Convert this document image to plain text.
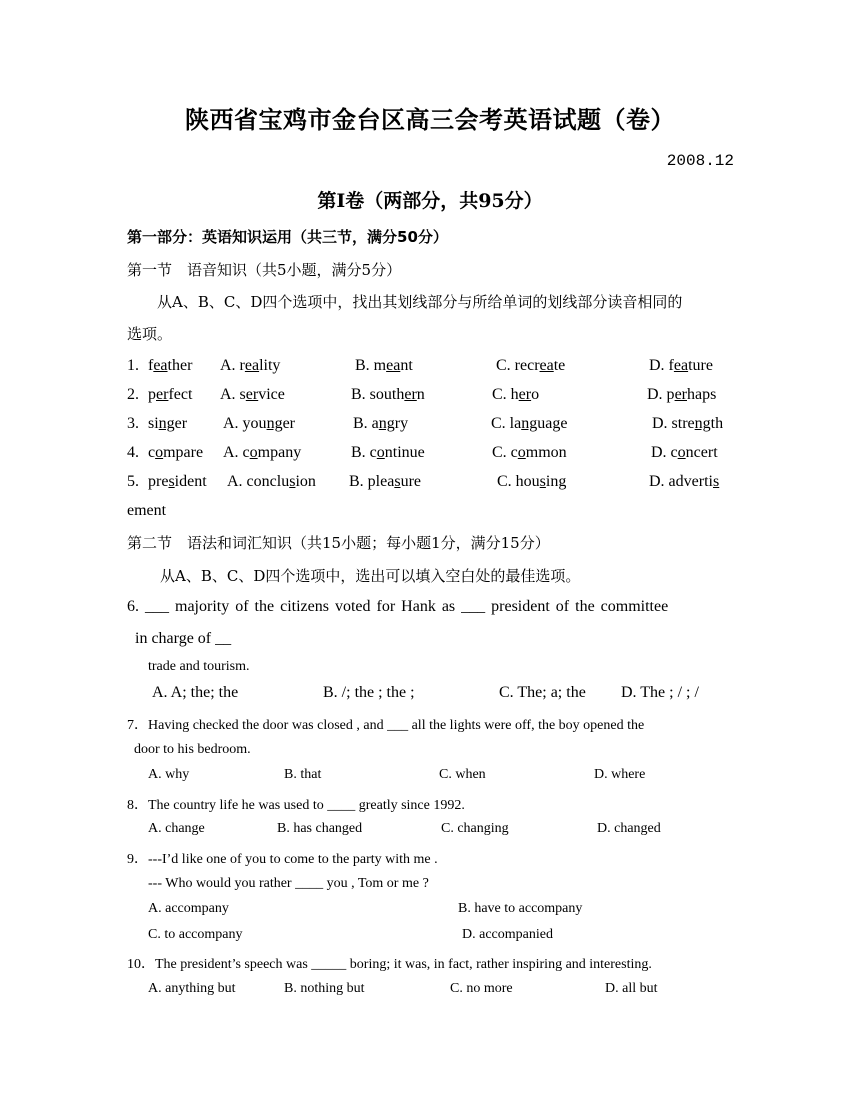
陕西省宝鸡市金台区高三会考英语试题（卷）
2008.12
第Ⅰ卷（两部分，共95分）
第一部分：英语知识运用（共三节，满分50分）
第一节　语音知识（共5小题，满分5分）
从A、B、C、D四个选项中，找出其划线部分与所给单词的划线部分读音相同的
选项。
1. feather A. reality	B. meant	C. recreate	D. feature
2. perfect A. service	B. southern	C. hero	D. perhaps
3. singer A. younger	B. angry	C. language	D. strength
4. compare A. company	B. continue	C. common	D. concert
5. president A. conclusion B. pleasure	C. housing	D. advertis
ement
第二节　语法和词汇知识（共15小题；每小题1分，满分15分）
从A、B、C、D四个选项中，选出可以填入空白处的最佳选项。
6. ___ majority of the citizens voted for Hank as ___ president of the committee
in charge of __
trade and tourism.
A. A; the; the	B. /; the ; the ;	C. The; a; the D. The ; / ; /
7．Having checked the door was closed , and ___ all the lights were off, the boy opened the
door to his bedroom.
A. why	B. that	C. when	D. where
8．The country life he was used to ____ greatly since 1992.
A. change	B. has changed	C. changing	D. changed
9．---I’d like one of you to come to the party with me .
--- Who would you rather ____ you , Tom or me ?
A. accompany	B. have to accompany
C. to accompany	D. accompanied
10．The president’s speech was _____ boring; it was, in fact, rather inspiring and interesting.
A. anything but	B. nothing but	C. no more	D. all but
